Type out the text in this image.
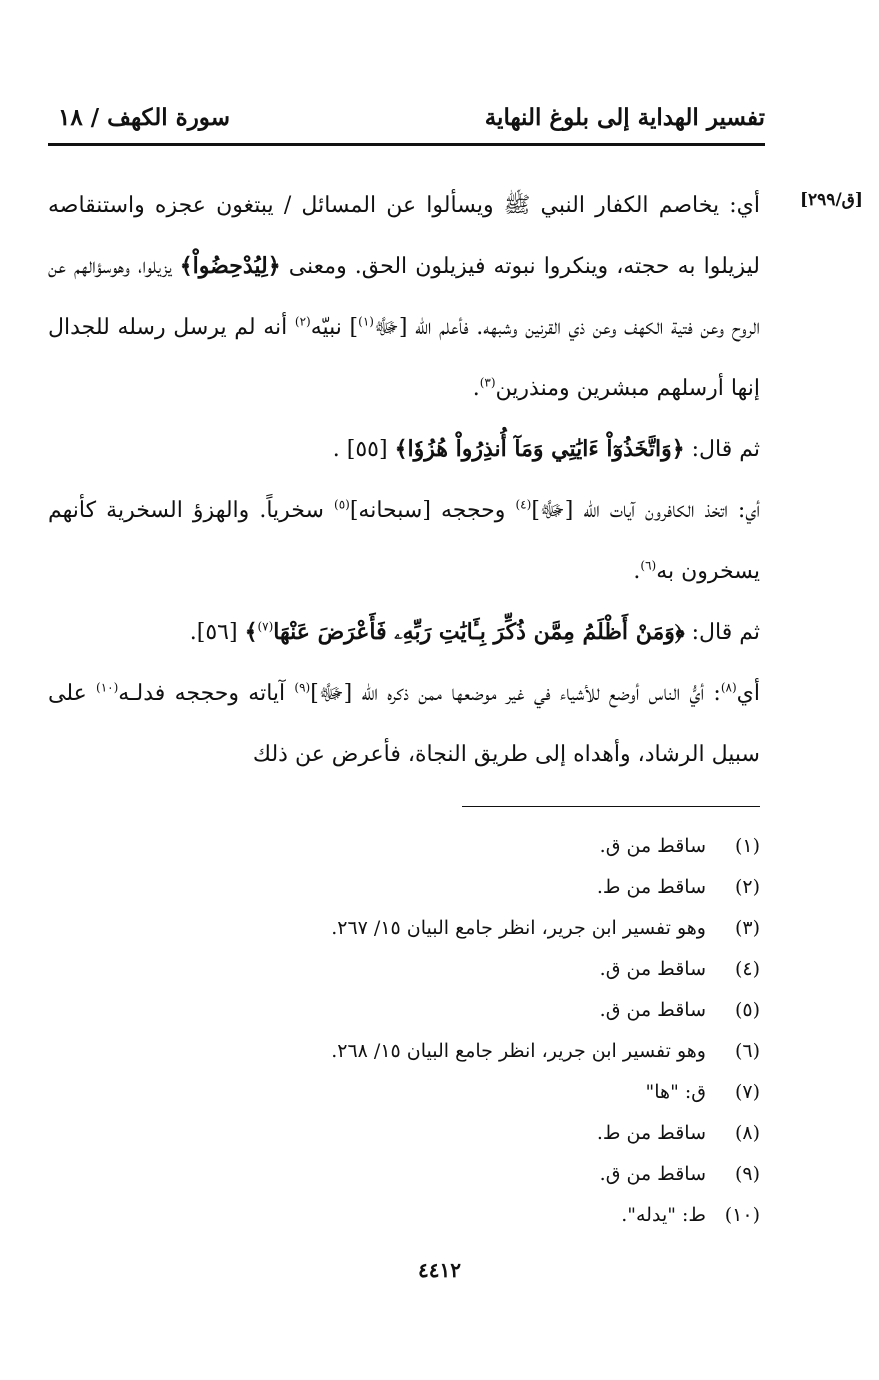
تفسير الهداية إلى بلوغ النهاية
سورة الكهف / ١٨
[ق/٢٩٩]

أي: يخاصم الكفار النبي ﷺ ويسألوا عن المسائل / يبتغون عجزه واستنقاصه ليزيلوا به حجته، وينكروا نبوته فيزيلون الحق. ومعنى ﴿لِيُدْحِضُواْ﴾ يزيلوا، وهوسؤالهم عن الروح وعن فتية الكهف وعن ذي القرنين وشبهه. فأعلم الله [ﷻ$^{(١)}$] نبيّه$^{(٢)}$ أنه لم يرسل رسله للجدال إنها أرسلهم مبشرين ومنذرين$^{(٣)}$.

ثم قال: ﴿وَاتَّخَذُوٓاْ ءَايَٰتِي وَمَآ أُنذِرُواْ هُزُوٗا﴾ [٥٥] .

أي: اتخذ الكافرون آيات الله [ﷻ]$^{(٤)}$ وحججه [سبحانه]$^{(٥)}$ سخرياً. والهزؤ السخرية كأنهم يسخرون به$^{(٦)}$.

ثم قال: ﴿وَمَنْ أَظْلَمُ مِمَّن ذُكِّرَ بِـَٔايَٰتِ رَبِّهِۦ فَأَعْرَضَ عَنْهَا$^{(٧)}$﴾ [٥٦].

أي$^{(٨)}$: أيُّ الناس أوضع للأشياء في غير موضعها ممن ذكره الله [ﷻ]$^{(٩)}$ آياته وحججه فدلـه$^{(١٠)}$ على سبيل الرشاد، وأهداه إلى طريق النجاة، فأعرض عن ذلك

(١)
ساقط من ق.
(٢)
ساقط من ط.
(٣)
وهو تفسير ابن جرير، انظر جامع البيان ١٥/ ٢٦٧.
(٤)
ساقط من ق.
(٥)
ساقط من ق.
(٦)
وهو تفسير ابن جرير، انظر جامع البيان ١٥/ ٢٦٨.
(٧)
ق: "ها"
(٨)
ساقط من ط.
(٩)
ساقط من ق.
(١٠)
ط: "يدله".
٤٤١٢
